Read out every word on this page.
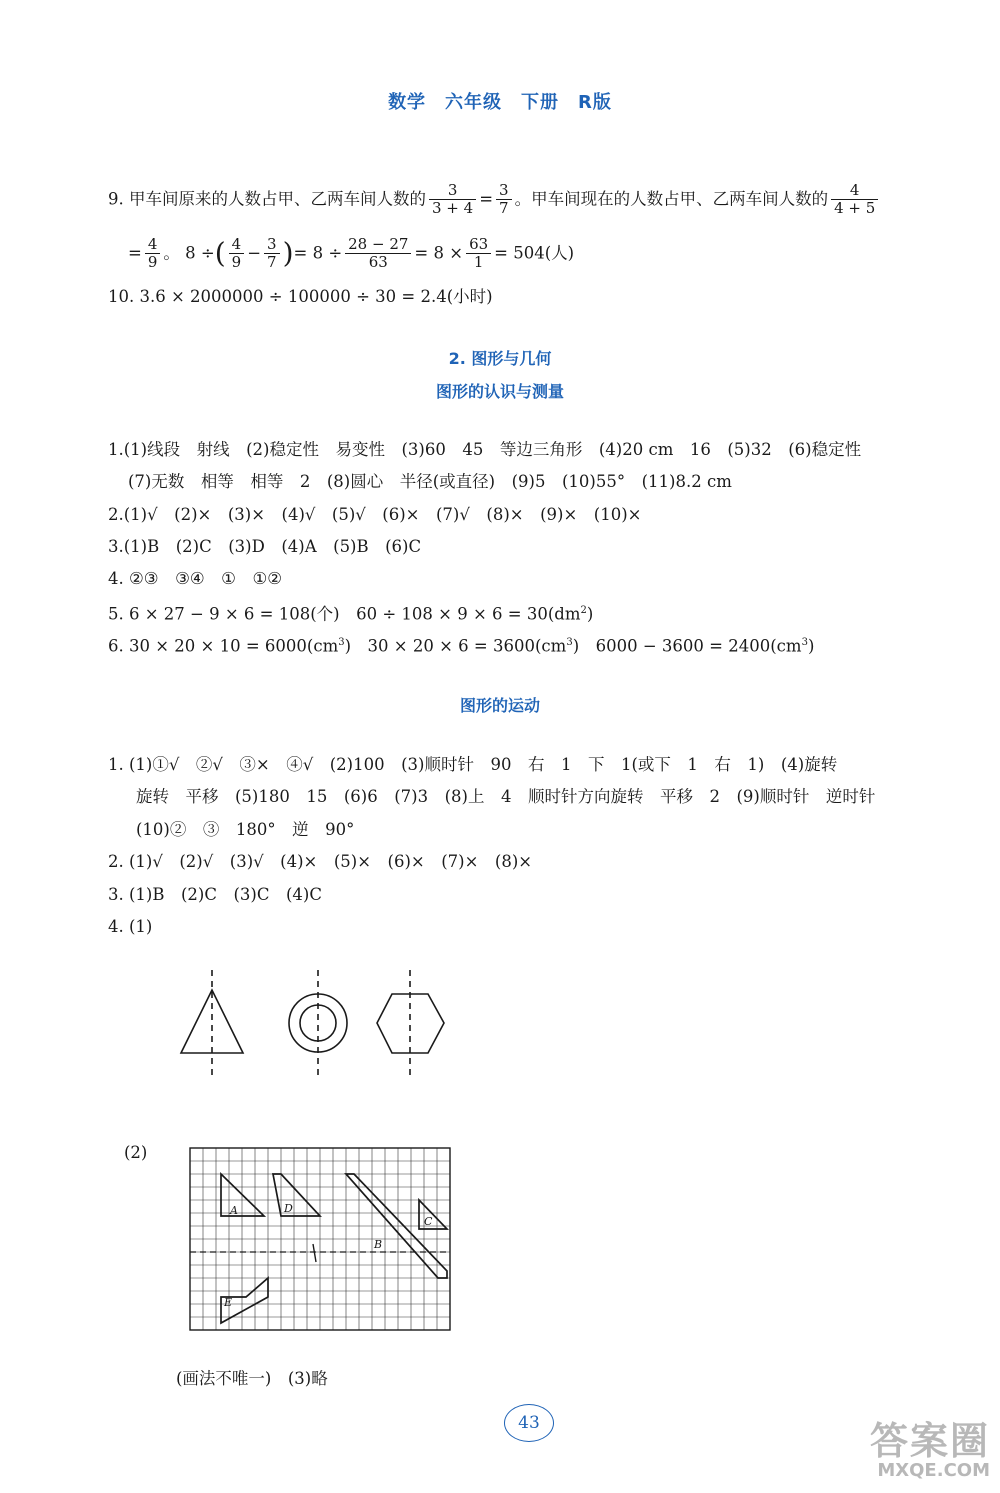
数学　六年级　下册　R版
9. 甲车间原来的人数占甲、乙两车间人数的 $\frac{3}{3 + 4} = \frac{3}{7}$ 。甲车间现在的人数占甲、乙两车间人数的 $\frac{4}{4 + 5}$
= $\frac{4}{9}$ 。 8 ÷( $\frac{4}{9} - \frac{3}{7}$ )= $8 \div \frac{28 - 27}{63} = 8 \times \frac{63}{1} = 504$(人)
10. 3.6 × 2000000 ÷ 100000 ÷ 30 = 2.4(小时)
2. 图形与几何
图形的认识与测量
1.(1)线段　射线　(2)稳定性　易变性　(3)60　45　等边三角形　(4)20 cm　16　(5)32　(6)稳定性
(7)无数　相等　相等　2　(8)圆心　半径(或直径)　(9)5　(10)55°　(11)8.2 cm
2.(1)√　(2)×　(3)×　(4)√　(5)√　(6)×　(7)√　(8)×　(9)×　(10)×
3.(1)B　(2)C　(3)D　(4)A　(5)B　(6)C
4. ②③　③④　①　①②
5. 6 × 27 − 9 × 6 = 108(个)　$60 \div 108 \times 9 \times 6 = 30(dm^2)$
6. $30 \times 20 \times 10 = 6000(cm^3)$　$30 \times 20 \times 6 = 3600(cm^3)$　$6000 - 3600 = 2400(cm^3)$
图形的运动
1. (1)①√　②√　③×　④√　(2)100　(3)顺时针　90　右　1　下　1(或下　1　右　1)　(4)旋转
旋转　平移　(5)180　15　(6)6　(7)3　(8)上　4　顺时针方向旋转　平移　2　(9)顺时针　逆时针
(10)②　③　180°　逆　90°
2. (1)√　(2)√　(3)√　(4)×　(5)×　(6)×　(7)×　(8)×
3. (1)B　(2)C　(3)C　(4)C
4. (1)
(2)
A	D
C
B
E
(画法不唯一)　(3)略
43	答案圈
MXQE.COM
